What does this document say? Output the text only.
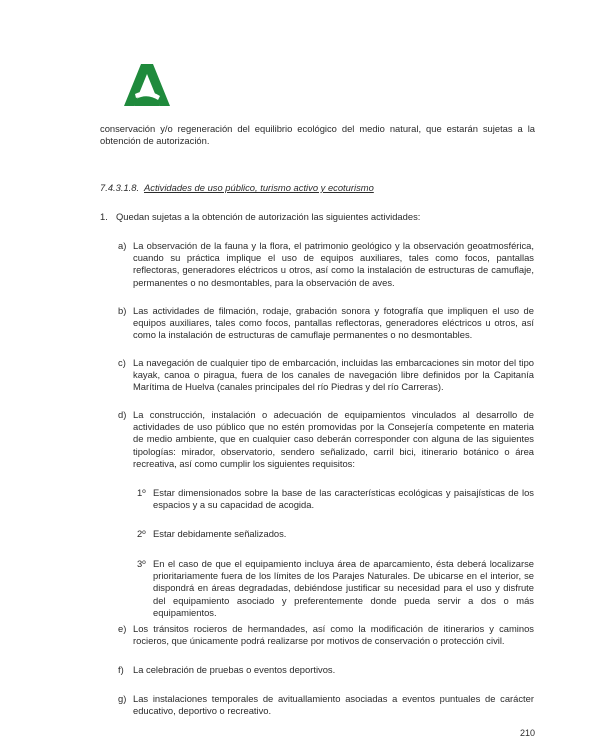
conservación y/o regeneración del equilibrio ecológico del medio natural, que estarán sujetas a la obtención de autorización.
7.4.3.1.8. Actividades de uso público, turismo activo y ecoturismo
1. Quedan sujetas a la obtención de autorización las siguientes actividades:
a) La observación de la fauna y la flora, el patrimonio geológico y la observación geoatmosférica, cuando su práctica implique el uso de equipos auxiliares, tales como focos, pantallas reflectoras, generadores eléctricos u otros, así como la instalación de estructuras de camuflaje, permanentes o no desmontables, para la observación de aves.
b) Las actividades de filmación, rodaje, grabación sonora y fotografía que impliquen el uso de equipos auxiliares, tales como focos, pantallas reflectoras, generadores eléctricos u otros, así como la instalación de estructuras de camuflaje permanentes o no desmontables.
c) La navegación de cualquier tipo de embarcación, incluidas las embarcaciones sin motor del tipo kayak, canoa o piragua, fuera de los canales de navegación libre definidos por la Capitanía Marítima de Huelva (canales principales del río Piedras y del río Carreras).
d) La construcción, instalación o adecuación de equipamientos vinculados al desarrollo de actividades de uso público que no estén promovidas por la Consejería competente en materia de medio ambiente, que en cualquier caso deberán corresponder con alguna de las siguientes tipologías: mirador, observatorio, sendero señalizado, carril bici, itinerario botánico o área recreativa, así como cumplir los siguientes requisitos:
1º Estar dimensionados sobre la base de las características ecológicas y paisajísticas de los espacios y a su capacidad de acogida.
2º Estar debidamente señalizados.
3º En el caso de que el equipamiento incluya área de aparcamiento, ésta deberá localizarse prioritariamente fuera de los límites de los Parajes Naturales. De ubicarse en el interior, se dispondrá en áreas degradadas, debiéndose justificar su necesidad para el uso y disfrute del equipamiento asociado y preferentemente donde pueda servir a dos o más equipamientos.
e) Los tránsitos rocieros de hermandades, así como la modificación de itinerarios y caminos rocieros, que únicamente podrá realizarse por motivos de conservación o protección civil.
f) La celebración de pruebas o eventos deportivos.
g) Las instalaciones temporales de avituallamiento asociadas a eventos puntuales de carácter educativo, deportivo o recreativo.
210
